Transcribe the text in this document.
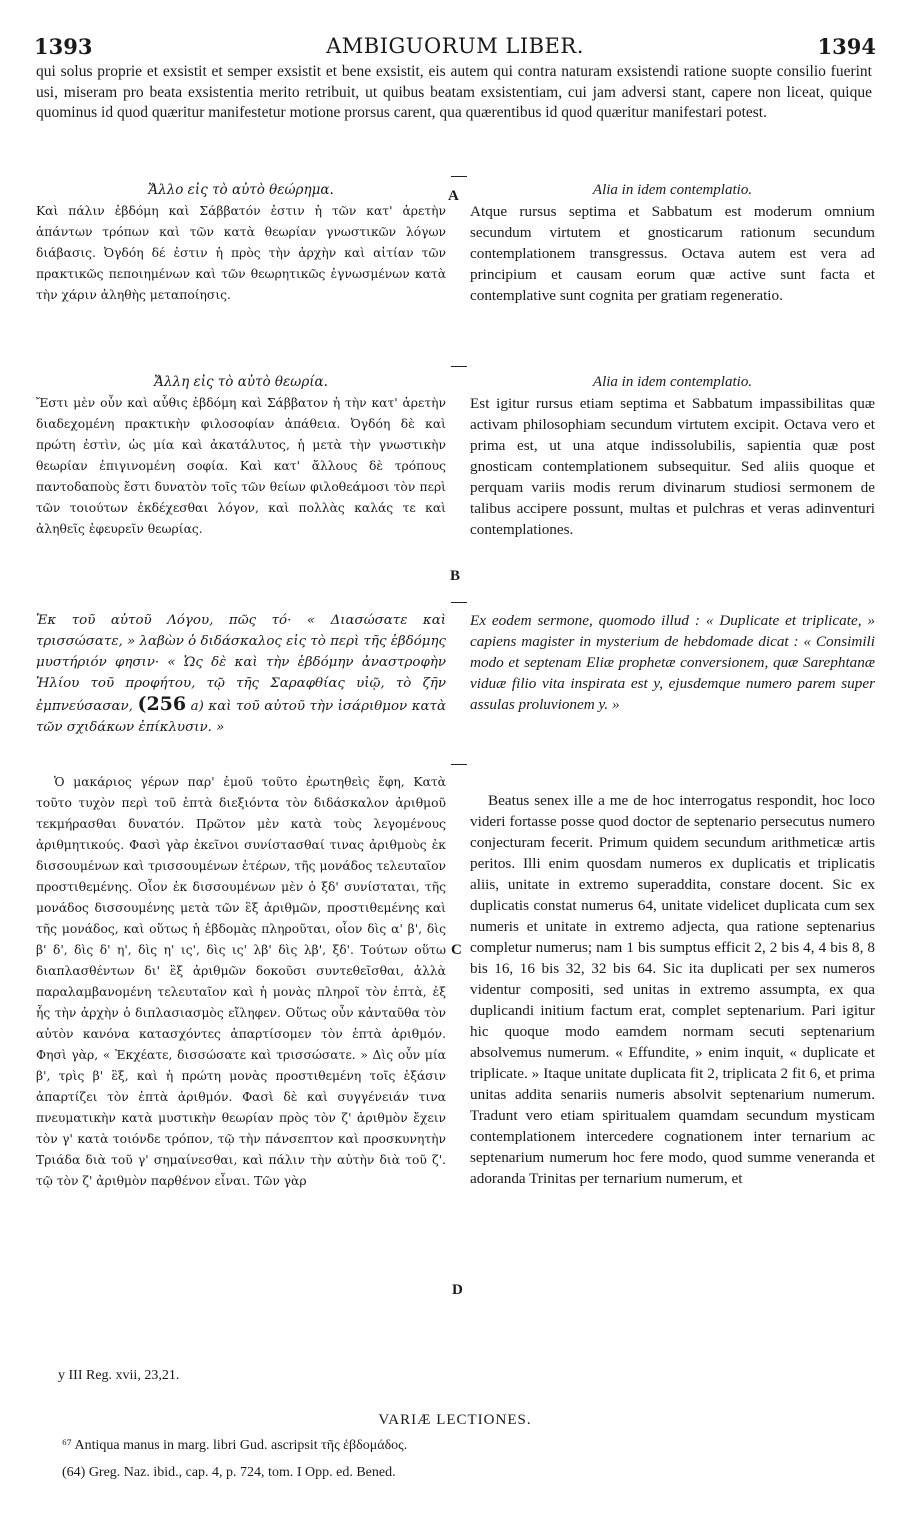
1393	AMBIGUORUM LIBER.	1394
qui solus proprie et exsistit et semper exsistit et bene exsistit, eis autem qui contra naturam exsistendi ratione suopte consilio fuerint usi, miseram pro beata exsistentia merito retribuit, ut quibus beatam exsistentiam, cui jam adversi stant, capere non liceat, quique quominus id quod quæritur manifestetur motione prorsus carent, qua quærentibus id quod quæritur manifestari potest.
Ἄλλο εἰς τὸ αὐτὸ θεώρημα.

Καὶ πάλιν ἑβδόμη καὶ Σάββατόν ἐστιν ἡ τῶν κατ' ἀρετὴν ἁπάντων τρόπων καὶ τῶν κατὰ θεωρίαν γνωστικῶν λόγων διάβασις. Ὀγδόη δέ ἐστιν ἡ πρὸς τὴν ἀρχὴν καὶ αἰτίαν τῶν πρακτικῶς πεποιημένων καὶ τῶν θεωρητικῶς ἐγνωσμένων κατὰ τὴν χάριν ἀληθὴς μεταποίησις.

Ἄλλη εἰς τὸ αὐτὸ θεωρία.

Ἔστι μὲν οὖν καὶ αὖθις ἑβδόμη καὶ Σάββατον ἡ τὴν κατ' ἀρετὴν διαδεχομένη πρακτικὴν φιλοσοφίαν ἀπάθεια. Ὀγδόη δὲ καὶ πρώτη ἐστὶν, ὡς μία καὶ ἀκατάλυτος, ἡ μετὰ τὴν γνωστικὴν θεωρίαν ἐπιγινομένη σοφία. Καὶ κατ' ἄλλους δὲ τρόπους παντοδαποὺς ἔστι δυνατὸν τοῖς τῶν θείων φιλοθεάμοσι τὸν περὶ τῶν τοιούτων ἐκδέχεσθαι λόγον, καὶ πολλὰς καλάς τε καὶ ἀληθεῖς ἐφευρεῖν θεωρίας.

Ἐκ τοῦ αὐτοῦ Λόγου, πῶς τό· « Διασώσατε καὶ τρισσώσατε, » λαβὼν ὁ διδάσκαλος εἰς τὸ περὶ τῆς ἑβδόμης μυστήριόν φησιν· « Ὡς δὲ καὶ τὴν ἑβδόμην ἀναστροφὴν Ἠλίου τοῦ προφήτου, τῷ τῆς Σαραφθίας υἱῷ, τὸ ζῆν ἐμπνεύσασαν, (256 a) καὶ τοῦ αὐτοῦ τὴν ἰσάριθμον κατὰ τῶν σχιδάκων ἐπίκλυσιν. »

Ὁ μακάριος γέρων παρ' ἐμοῦ τοῦτο ἐρωτηθεὶς ἔφη, Κατὰ τοῦτο τυχὸν περὶ τοῦ ἑπτὰ διεξιόντα τὸν διδάσκαλον ἀριθμοῦ τεκμήρασθαι δυνατόν. Πρῶτον μὲν κατὰ τοὺς λεγομένους ἀριθμητικούς. Φασὶ γὰρ ἐκεῖνοι συνίστασθαί τινας ἀριθμοὺς ἐκ δισσουμένων καὶ τρισσουμένων ἑτέρων, τῆς μονάδος τελευταῖον προστιθεμένης. Οἷον ἐκ δισσουμένων μὲν ὁ ξδ' συνίσταται, τῆς μονάδος δισσουμένης μετὰ τῶν ἓξ ἀριθμῶν, προστιθεμένης καὶ τῆς μονάδος, καὶ οὕτως ἡ ἑβδομὰς πληροῦται, οἷον δὶς α' β', δὶς β' δ', δὶς δ' η', δὶς η' ις', δὶς ις' λβ' δὶς λβ', ξδ'. Τούτων οὕτω διαπλασθέντων δι' ἓξ ἀριθμῶν δοκοῦσι συντεθεῖσθαι, ἀλλὰ παραλαμβανομένη τελευταῖον καὶ ἡ μονὰς πληροῖ τὸν ἑπτὰ, ἐξ ἧς τὴν ἀρχὴν ὁ διπλασιασμὸς εἴληφεν. Οὕτως οὖν κἀνταῦθα τὸν αὐτὸν κανόνα κατασχόντες ἀπαρτίσομεν τὸν ἑπτὰ ἀριθμόν. Φησὶ γὰρ, « Ἐκχέατε, δισσώσατε καὶ τρισσώσατε. » Δὶς οὖν μία β', τρὶς β' ἓξ, καὶ ἡ πρώτη μονὰς προστιθεμένη τοῖς ἑξάσιν ἀπαρτίζει τὸν ἑπτὰ ἀριθμόν. Φασὶ δὲ καὶ συγγένειάν τινα πνευματικὴν κατὰ μυστικὴν θεωρίαν πρὸς τὸν ζ' ἀριθμὸν ἔχειν τὸν γ' κατὰ τοιόνδε τρόπον, τῷ τὴν πάνσεπτον καὶ προσκυνητὴν Τριάδα διὰ τοῦ γ' σημαίνεσθαι, καὶ πάλιν τὴν αὐτὴν διὰ τοῦ ζ'. τῷ τὸν ζ' ἀριθμὸν παρθένον εἶναι. Τῶν γὰρ

Alia in idem contemplatio.

Atque rursus septima et Sabbatum est moderum omnium secundum virtutem et gnosticarum rationum secundum contemplationem transgressus. Octava autem est vera ad principium et causam eorum quæ active sunt facta et contemplative sunt cognita per gratiam regeneratio.

Alia in idem contemplatio.

Est igitur rursus etiam septima et Sabbatum impassibilitas quæ activam philosophiam secundum virtutem excipit. Octava vero et prima est, ut una atque indissolubilis, sapientia quæ post gnosticam contemplationem subsequitur. Sed aliis quoque et perquam variis modis rerum divinarum studiosi sermonem de talibus accipere possunt, multas et pulchras et veras adinventuri contemplationes.

Ex eodem sermone, quomodo illud : « Duplicate et triplicate, » capiens magister in mysterium de hebdomade dicat : « Consimili modo et septenam Eliæ prophetæ conversionem, quæ Sarephtanæ viduæ filio vita inspirata est y, ejusdemque numero parem super assulas proluvionem y. »

Beatus senex ille a me de hoc interrogatus respondit, hoc loco videri fortasse posse quod doctor de septenario persecutus numero conjecturam fecerit. Primum quidem secundum arithmeticæ artis peritos. Illi enim quosdam numeros ex duplicatis et triplicatis aliis, unitate in extremo superaddita, constare docent. Sic ex duplicatis constat numerus 64, unitate videlicet duplicata cum sex numeris et unitate in extremo adjecta, qua ratione septenarius completur numerus; nam 1 bis sumptus efficit 2, 2 bis 4, 4 bis 8, 8 bis 16, 16 bis 32, 32 bis 64. Sic ita duplicati per sex numeros videntur compositi, sed unitas in extremo assumpta, ex qua duplicandi initium factum erat, complet septenarium. Pari igitur hic quoque modo eamdem normam secuti septenarium absolvemus numerum. « Effundite, » enim inquit, « duplicate et triplicate. » Itaque unitate duplicata fit 2, triplicata 2 fit 6, et prima unitas addita senariis numeris absolvit septenarium numerum. Tradunt vero etiam spiritualem quamdam secundum mysticam contemplationem intercedere cognationem inter ternarium ac septenarium numerum hoc fere modo, quod summe veneranda et adoranda Trinitas per ternarium numerum, et

A
B
C
D
y III Reg. xvii, 23,21.
VARIÆ LECTIONES.
⁶⁷ Antiqua manus in marg. libri Gud. ascripsit τῆς ἑβδομάδος.
(64) Greg. Naz. ibid., cap. 4, p. 724, tom. I Opp. ed. Bened.
